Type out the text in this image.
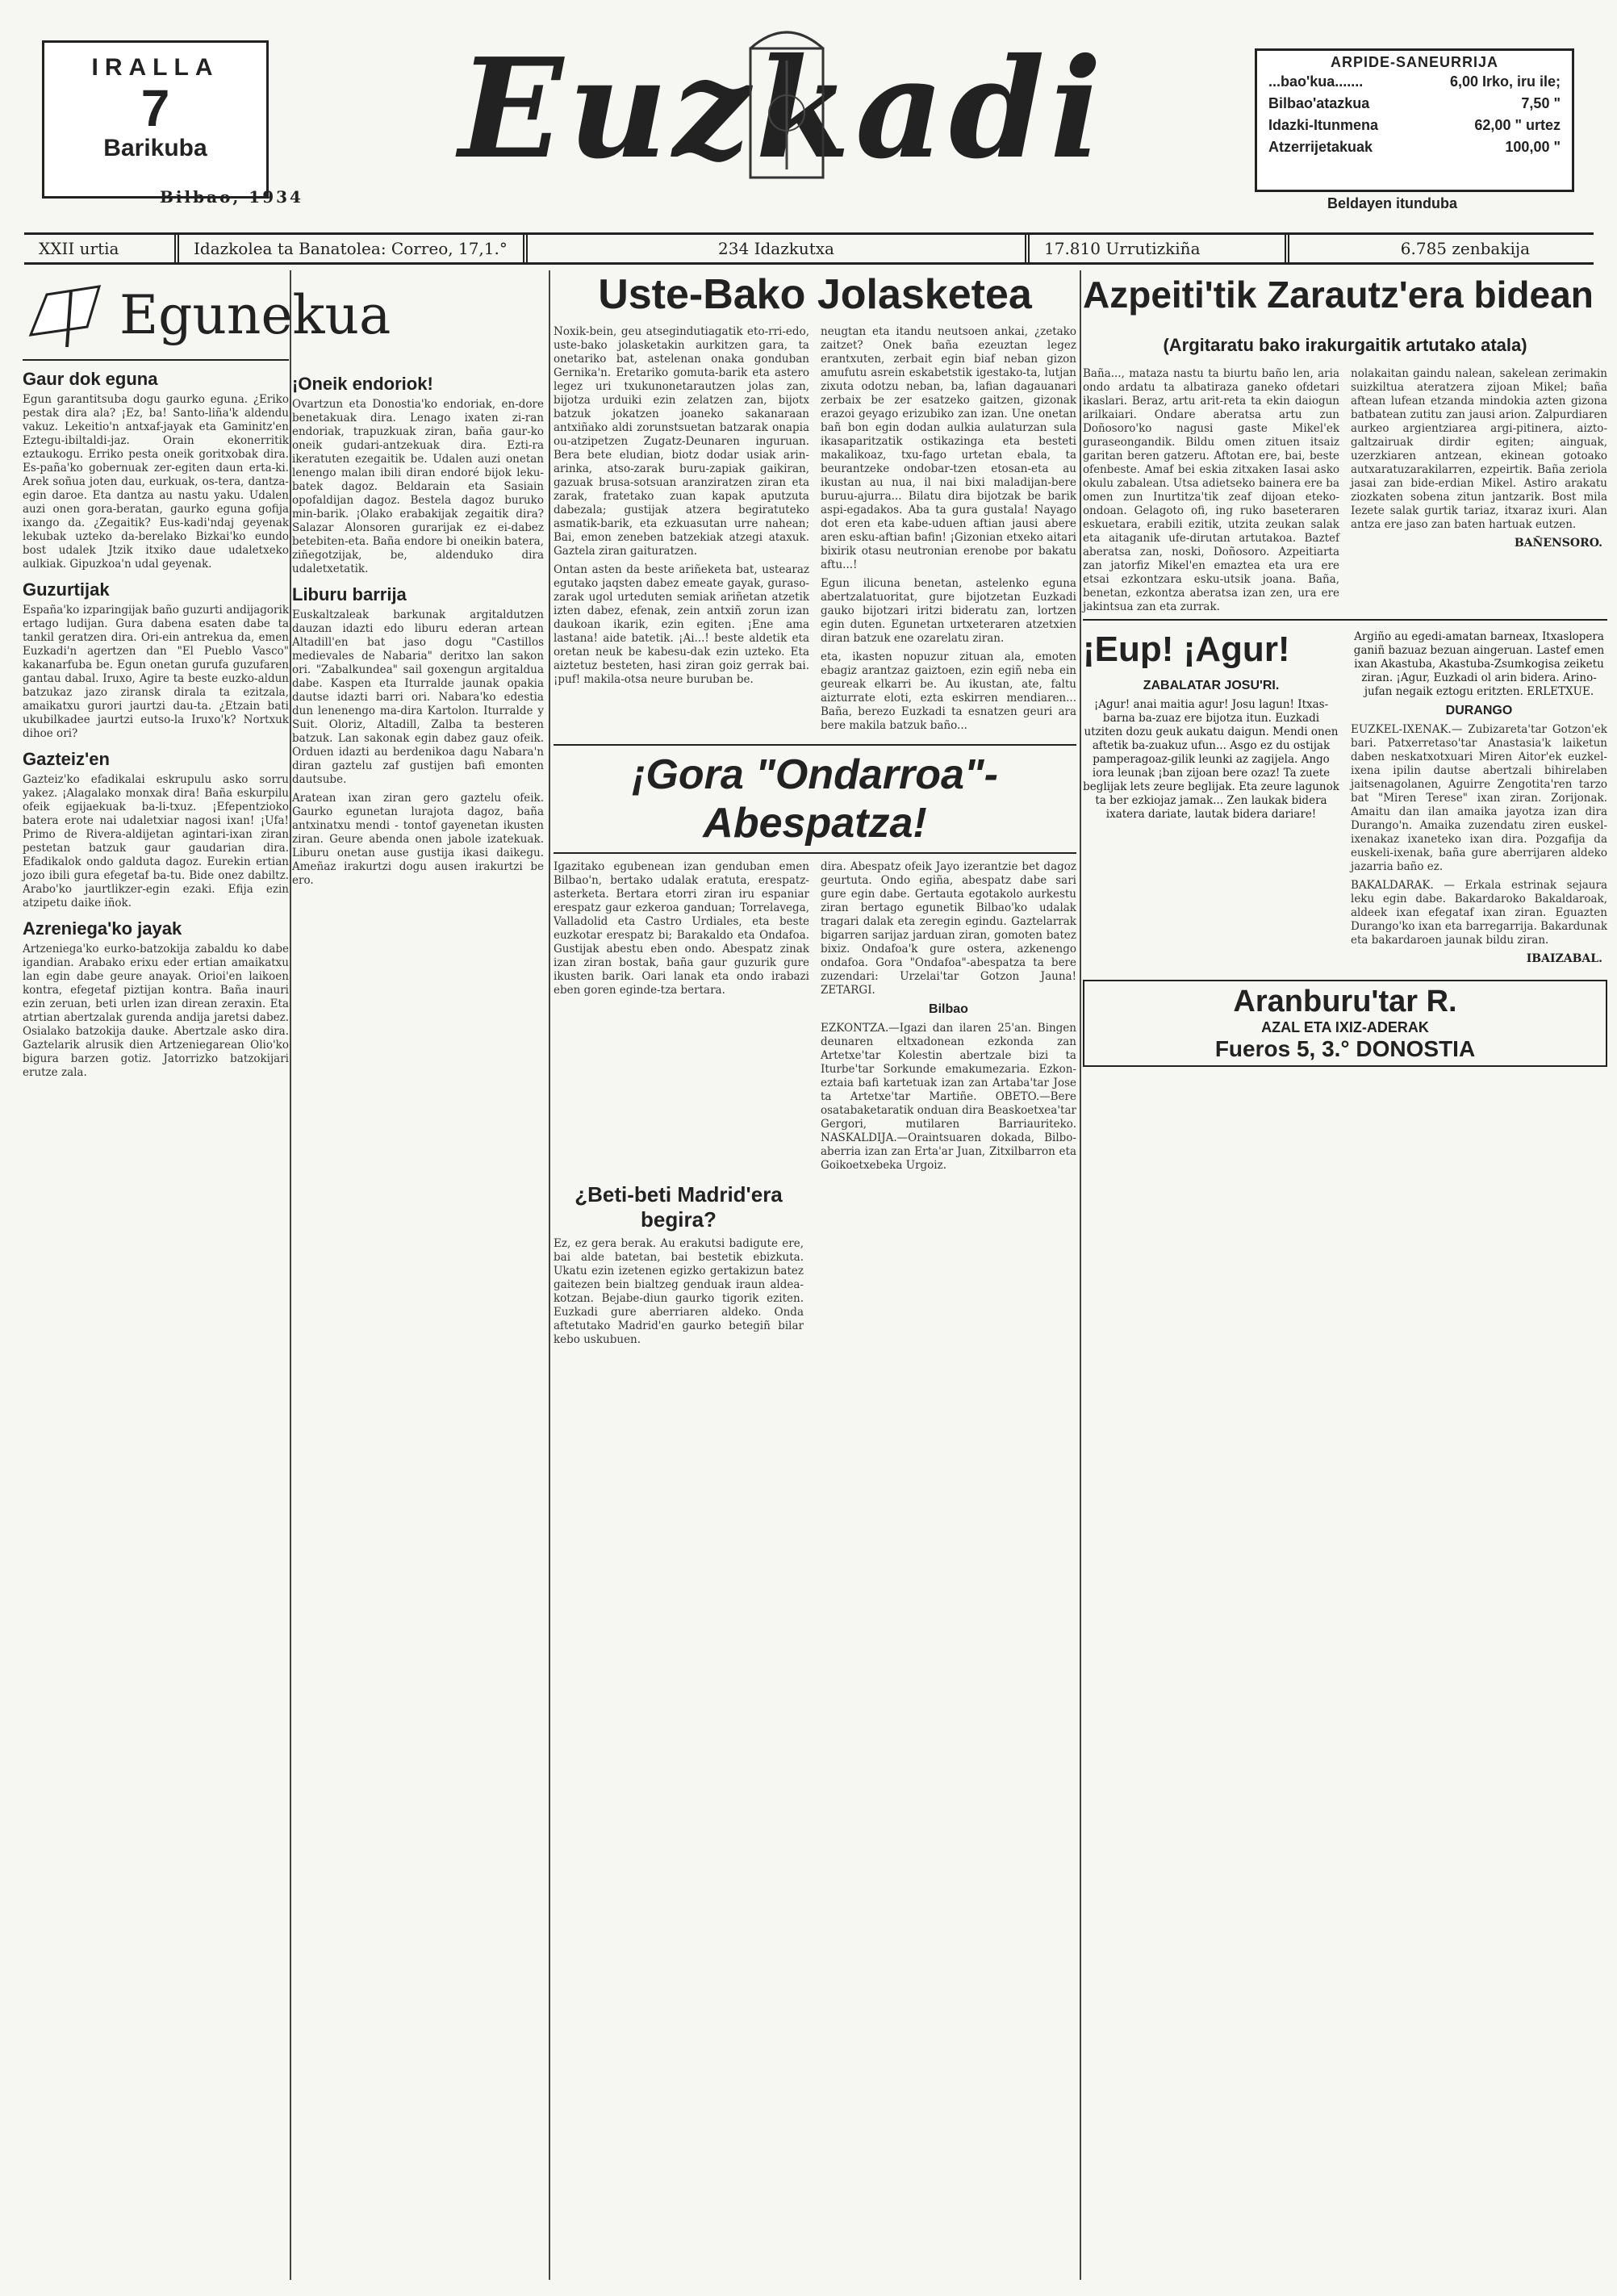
IRALLA
7
Barikuba
Bilbao, 1934
Euzkadi	ARPIDE-SANEURRIJA
...bao'kua.......	6,00 Irko, iru ile;
Bilbao'atazkua	7,50 "
Idazki-Itunmena	62,00 " urtez
Atzerrijetakuak	100,00 "
Beldayen itunduba
XXII urtia	Idazkolea ta Banatolea: Correo, 17,1.°	234 Idazkutxa	17.810 Urrutizkiña	6.785 zenbakija
Egunekua
Gaur dok eguna

Egun garantitsuba dogu gaurko eguna. ¿Eriko pestak dira ala? ¡Ez, ba! Santo-liña'k aldendu vakuz. Lekeitio'n antxaf-jayak eta Gaminitz'en Eztegu-ibiltaldi-jaz. Orain ekonerritik eztaukogu. Erriko pesta oneik goritxobak dira. Es-paña'ko gobernuak zer-egiten daun erta-ki. Arek soñua joten dau, eurkuak, os-tera, dantza-egin daroe. Eta dantza au nastu yaku. Udalen auzi onen gora-beratan, gaurko eguna gofija ixango da. ¿Zegaitik? Eus-kadi'ndaj geyenak lekubak uzteko da-berelako Bizkai'ko eundo bost udalek Jtzik itxiko daue udaletxeko aulkiak. Gipuzkoa'n udal geyenak.

Guzurtijak

España'ko izparingijak baño guzurti andijagorik ertago ludijan. Gura dabena esaten dabe ta tankil geratzen dira. Ori-ein antrekua da, emen Euzkadi'n agertzen dan "El Pueblo Vasco" kakanarfuba be. Egun onetan gurufa guzufaren gantau dabal. Iruxo, Agire ta beste euzko-aldun batzukaz jazo ziransk dirala ta ezitzala, amaikatxu gurori jaurtzi dau-ta. ¿Etzain bati ukubilkadee jaurtzi eutso-la Iruxo'k? Nortxuk dihoe ori?

Gazteiz'en

Gazteiz'ko efadikalai eskrupulu asko sorru yakez. ¡Alagalako monxak dira! Baña eskurpilu ofeik egijaekuak ba-li-txuz. ¡Efepentzioko batera erote nai udaletxiar nagosi ixan! ¡Ufa! Primo de Rivera-aldijetan agintari-ixan ziran pestetan batzuk gaur gaudarian dira. Efadikalok ondo galduta dagoz. Eurekin ertian jozo ibili gura efegetaf ba-tu. Bide onez dabiltz. Arabo'ko jaurtlikzer-egin ezaki. Efija ezin atzipetu daike iñok.

Azreniega'ko jayak

Artzeniega'ko eurko-batzokija zabaldu ko dabe igandian. Arabako erixu eder ertian amaikatxu lan egin dabe geure anayak. Orioi'en laikoen kontra, efegetaf piztijan kontra. Baña inauri ezin zeruan, beti urlen izan direan zeraxin. Eta atrtian abertzalak gurenda andija jaretsi dabez. Osialako batzokija dauke. Abertzale asko dira. Gaztelarik alrusik dien Artzeniegarean Olio'ko bigura barzen gotiz. Jatorrizko batzokijari erutze zala.

¡Oneik endoriok!

Ovartzun eta Donostia'ko endoriak, en-dore benetakuak dira. Lenago ixaten zi-ran endoriak, trapuzkuak ziran, baña gaur-ko oneik gudari-antzekuak dira. Ezti-ra ikeratuten ezegaitik be. Udalen auzi onetan lenengo malan ibili diran endoré bijok leku-batek dagoz. Beldarain eta Sasiain opofaldijan dagoz. Bestela dagoz buruko min-barik. ¡Olako erabakijak zegaitik dira? Salazar Alonsoren gurarijak ez ei-dabez betebiten-eta. Baña endore bi oneikin batera, ziñegotzijak, be, aldenduko dira udaletxetatik.

Liburu barrija

Euskaltzaleak barkunak argitaldutzen dauzan idazti edo liburu ederan artean Altadill'en bat jaso dogu "Castillos medievales de Nabaria" deritxo lan sakon ori. "Zabalkundea" sail goxengun argitaldua dabe. Kaspen eta Iturralde jaunak opakia dautse idazti barri ori. Nabara'ko edestia dun lenenengo ma-dira Kartolon. Iturralde y Suit. Oloriz, Altadill, Zalba ta besteren batzuk. Lan sakonak egin dabez gauz ofeik. Orduen idazti au berdenikoa dagu Nabara'n diran gaztelu zaf gustijen bafi emonten dautsube.

Aratean ixan ziran gero gaztelu ofeik. Gaurko egunetan lurajota dagoz, baña antxinatxu mendi - tontof gayenetan ikusten ziran. Geure abenda onen jabole izatekuak. Liburu onetan ause gustija ikasi daikegu. Ameñaz irakurtzi dogu ausen irakurtzi be ero.

Uste-Bako Jolasketea

Noxik-bein, geu atsegindutiagatik eto-rri-edo, uste-bako jolasketakin aurkitzen gara, ta onetariko bat, astelenan onaka gonduban Gernika'n. Eretariko gomuta-barik eta astero legez uri txukunonetarautzen jolas zan, bijotza urduiki ezin zelatzen zan, bijotx batzuk jokatzen joaneko sakanaraan antxiñako aldi zorunstsuetan batzarak onapia ou-atzipetzen Zugatz-Deunaren inguruan. Bera bete eludian, biotz dodar usiak arin-arinka, atso-zarak buru-zapiak gaikiran, gazuak brusa-sotsuan aranziratzen ziran eta zarak, fratetako zuan kapak aputzuta dabezala; gustijak atzera begiratuteko asmatik-barik, eta ezkuasutan urre nahean; Bai, emon zeneben batzekiak atzegi ataxuk. Gaztela ziran gaituratzen.

Ontan asten da beste ariñeketa bat, ustearaz egutako jaqsten dabez emeate gayak, guraso-zarak ugol urteduten semiak ariñetan atzetik izten dabez, efenak, zein antxiñ zorun izan daukoan ikarik, ezin egiten. ¡Ene ama lastana! aide batetik. ¡Ai...! beste aldetik eta oretan neuk be kabesu-dak ezin uzteko. Eta aiztetuz besteten, hasi ziran goiz gerrak bai. ¡puf! makila-otsa neure buruban be.

neugtan eta itandu neutsoen ankai, ¿zetako zaitzet? Onek baña ezeuztan legez erantxuten, zerbait egin biaf neban gizon amufutu asrein eskabetstik igestako-ta, lutjan zixuta odotzu neban, ba, lafian dagauanari zerbaix be zer esatzeko gaitzen, gizonak erazoi geyago erizubiko zan izan. Une onetan bañ bon egin dodan aulkia aulaturzan sula ikasaparitzatik ostikazinga eta besteti makalikoaz, txu-fago urtetan ebala, ta beurantzeke ondobar-tzen etosan-eta au ikustan au nua, il nai bixi maladijan-bere buruu-ajurra... Bilatu dira bijotzak be barik aspi-egadakos. Aba ta gura gustala! Nayago dot eren eta kabe-uduen aftian jausi abere aren esku-aftian bafin! ¡Gizonian etxeko aitari bixirik otasu neutronian erenobe por bakatu aftu...!

Egun ilicuna benetan, astelenko eguna abertzalatuoritat, gure bijotzetan Euzkadi gauko bijotzari iritzi bideratu zan, lortzen egin duten. Egunetan urtxeteraren atzetxien diran batzuk ene ozarelatu ziran.

eta, ikasten nopuzur zituan ala, emoten ebagiz arantzaz gaiztoen, ezin egiñ neba ein geureak elkarri be. Au ikustan, ate, faltu aizturrate eloti, ezta eskirren mendiaren... Baña, berezo Euzkadi ta esnatzen geuri ara bere makila batzuk baño...

¡Gora "Ondarroa"-Abespatza!

Igazitako egubenean izan genduban emen Bilbao'n, bertako udalak eratuta, erespatz-asterketa. Bertara etorri ziran iru espaniar erespatz gaur ezkeroa ganduan; Torrelavega, Valladolid eta Castro Urdiales, eta beste euzkotar erespatz bi; Barakaldo eta Ondafoa. Gustijak abestu eben ondo. Abespatz zinak izan ziran bostak, baña gaur guzurik gure ikusten barik. Oari lanak eta ondo irabazi eben goren eginde-tza bertara.

dira. Abespatz ofeik Jayo izerantzie bet dagoz geurtuta. Ondo egiña, abespatz dabe sari gure egin dabe. Gertauta egotakolo aurkestu ziran bertago egunetik Bilbao'ko udalak tragari dalak eta zeregin egindu. Gaztelarrak bigarren sarijaz jarduan ziran, gomoten batez bixiz. Ondafoa'k gure ostera, azkenengo ondafoa. Gora "Ondafoa"-abespatza ta bere zuzendari: Urzelai'tar Gotzon Jauna! ZETARGI.

Bilbao

EZKONTZA.—Igazi dan ilaren 25'an. Bingen deunaren eltxadonean ezkonda zan Artetxe'tar Kolestin abertzale bizi ta Iturbe'tar Sorkunde emakumezaria. Ezkon-eztaia bafi kartetuak izan zan Artaba'tar Jose ta Artetxe'tar Martiñe. OBETO.—Bere osatabaketaratik onduan dira Beaskoetxea'tar Gergori, mutilaren Barriauriteko. NASKALDIJA.—Oraintsuaren dokada, Bilbo-aberria izan zan Erta'ar Juan, Zitxilbarron eta Goikoetxebeka Urgoiz.

¿Beti-beti Madrid'era begira?

Ez, ez gera berak. Au erakutsi badigute ere, bai alde batetan, bai bestetik ebizkuta. Ukatu ezin izetenen egizko gertakizun batez gaitezen bein bialtzeg genduak iraun aldea-kotzan. Bejabe-diun gaurko tigorik eziten. Euzkadi gure aberriaren aldeko. Onda aftetutako Madrid'en gaurko betegiñ bilar kebo uskubuen.

Azpeiti'tik Zarautz'era bidean
(Argitaratu bako irakurgaitik artutako atala)

Baña..., mataza nastu ta biurtu baño len, aria ondo ardatu ta albatiraza ganeko ofdetari ikaslari. Beraz, artu arit-reta ta ekin daiogun arilkaiari. Ondare aberatsa artu zun Doñosoro'ko nagusi gaste Mikel'ek guraseongandik. Bildu omen zituen itsaiz garitan beren gatzeru. Aftotan ere, bai, beste ofenbeste. Amaf bei eskia zitxaken Iasai asko okulu zabalean. Utsa adietseko bainera ere ba omen zun Inurtitza'tik zeaf dijoan eteko-ondoan. Gelagoto ofi, ing ruko baseteraren eskuetara, erabili ezitik, utzita zeukan salak eta aitaganik ufe-dirutan artutakoa. Baztef aberatsa zan, noski, Doñosoro. Azpeitiarta zan jatorfiz Mikel'en emaztea eta ura ere etsai ezkontzara esku-utsik joana. Baña, benetan, ezkontza aberatsa izan zen, ura ere jakintsua zan eta zurrak.

nolakaitan gaindu nalean, sakelean zerimakin suizkiltua ateratzera zijoan Mikel; baña aftean lufean etzanda mindokia azten gizona batbatean zutitu zan jausi arion. Zalpurdiaren aurkeo argientziarea argi-pitinera, aizto-galtzairuak dirdir egiten; ainguak, uzerzkiaren antzean, ekinean gotoako autxaratuzarakilarren, ezpeirtik. Baña zeriola jasai zan bide-erdian Mikel. Astiro arakatu ziozkaten sobena zitun jantzarik. Bost mila Iezete salak gurtik tariaz, itxaraz ixuri. Alan antza ere jaso zan baten hartuak eutzen.

BAÑENSORO.
¡Eup! ¡Agur!
ZABALATAR JOSU'RI.

¡Agur! anai maitia agur! Josu lagun! Itxas-barna ba-zuaz ere bijotza itun. Euzkadi utziten dozu geuk aukatu daigun. Mendi onen aftetik ba-zuakuz ufun... Asgo ez du ostijak pamperagoaz-gilik leunki az zagijela. Ango iora leunak ¡ban zijoan bere ozaz! Ta zuete beglijak lets zeure beglijak. Eta zeure lagunok ta ber ezkiojaz jamak... Zen laukak bidera ixatera dariate, lautak bidera dariare!

Argiño au egedi-amatan barneax, Itxaslopera ganiñ bazuaz bezuan aingeruan. Lastef emen ixan Akastuba, Akastuba-Zsumkogisa zeiketu ziran. ¡Agur, Euzkadi ol arin bidera. Arino-jufan negaik eztogu eritzten. ERLETXUE.

DURANGO

EUZKEL-IXENAK.— Zubizareta'tar Gotzon'ek bari. Patxerretaso'tar Anastasia'k laiketun daben neskatxotxuari Miren Aitor'ek euzkel-ixena ipilin dautse abertzali bihirelaben jaitsenagolanen, Aguirre Zengotita'ren tarzo bat "Miren Terese" ixan ziran. Zorijonak. Amaitu dan ilan amaika jayotza izan dira Durango'n. Amaika zuzendatu ziren euskel-ixenakaz ixaneteko ixan dira. Pozgafija da euskeli-ixenak, baña gure aberrijaren aldeko jazarria baño ez.

BAKALDARAK. — Erkala estrinak sejaura leku egin dabe. Bakardaroko Bakaldaroak, aldeek ixan efegataf ixan ziran. Eguazten Durango'ko ixan eta barregarrija. Bakardunak eta bakardaroen jaunak bildu ziran.

IBAIZABAL.
Aranburu'tar R.
AZAL ETA IXIZ-ADERAK
Fueros 5, 3.° DONOSTIA
